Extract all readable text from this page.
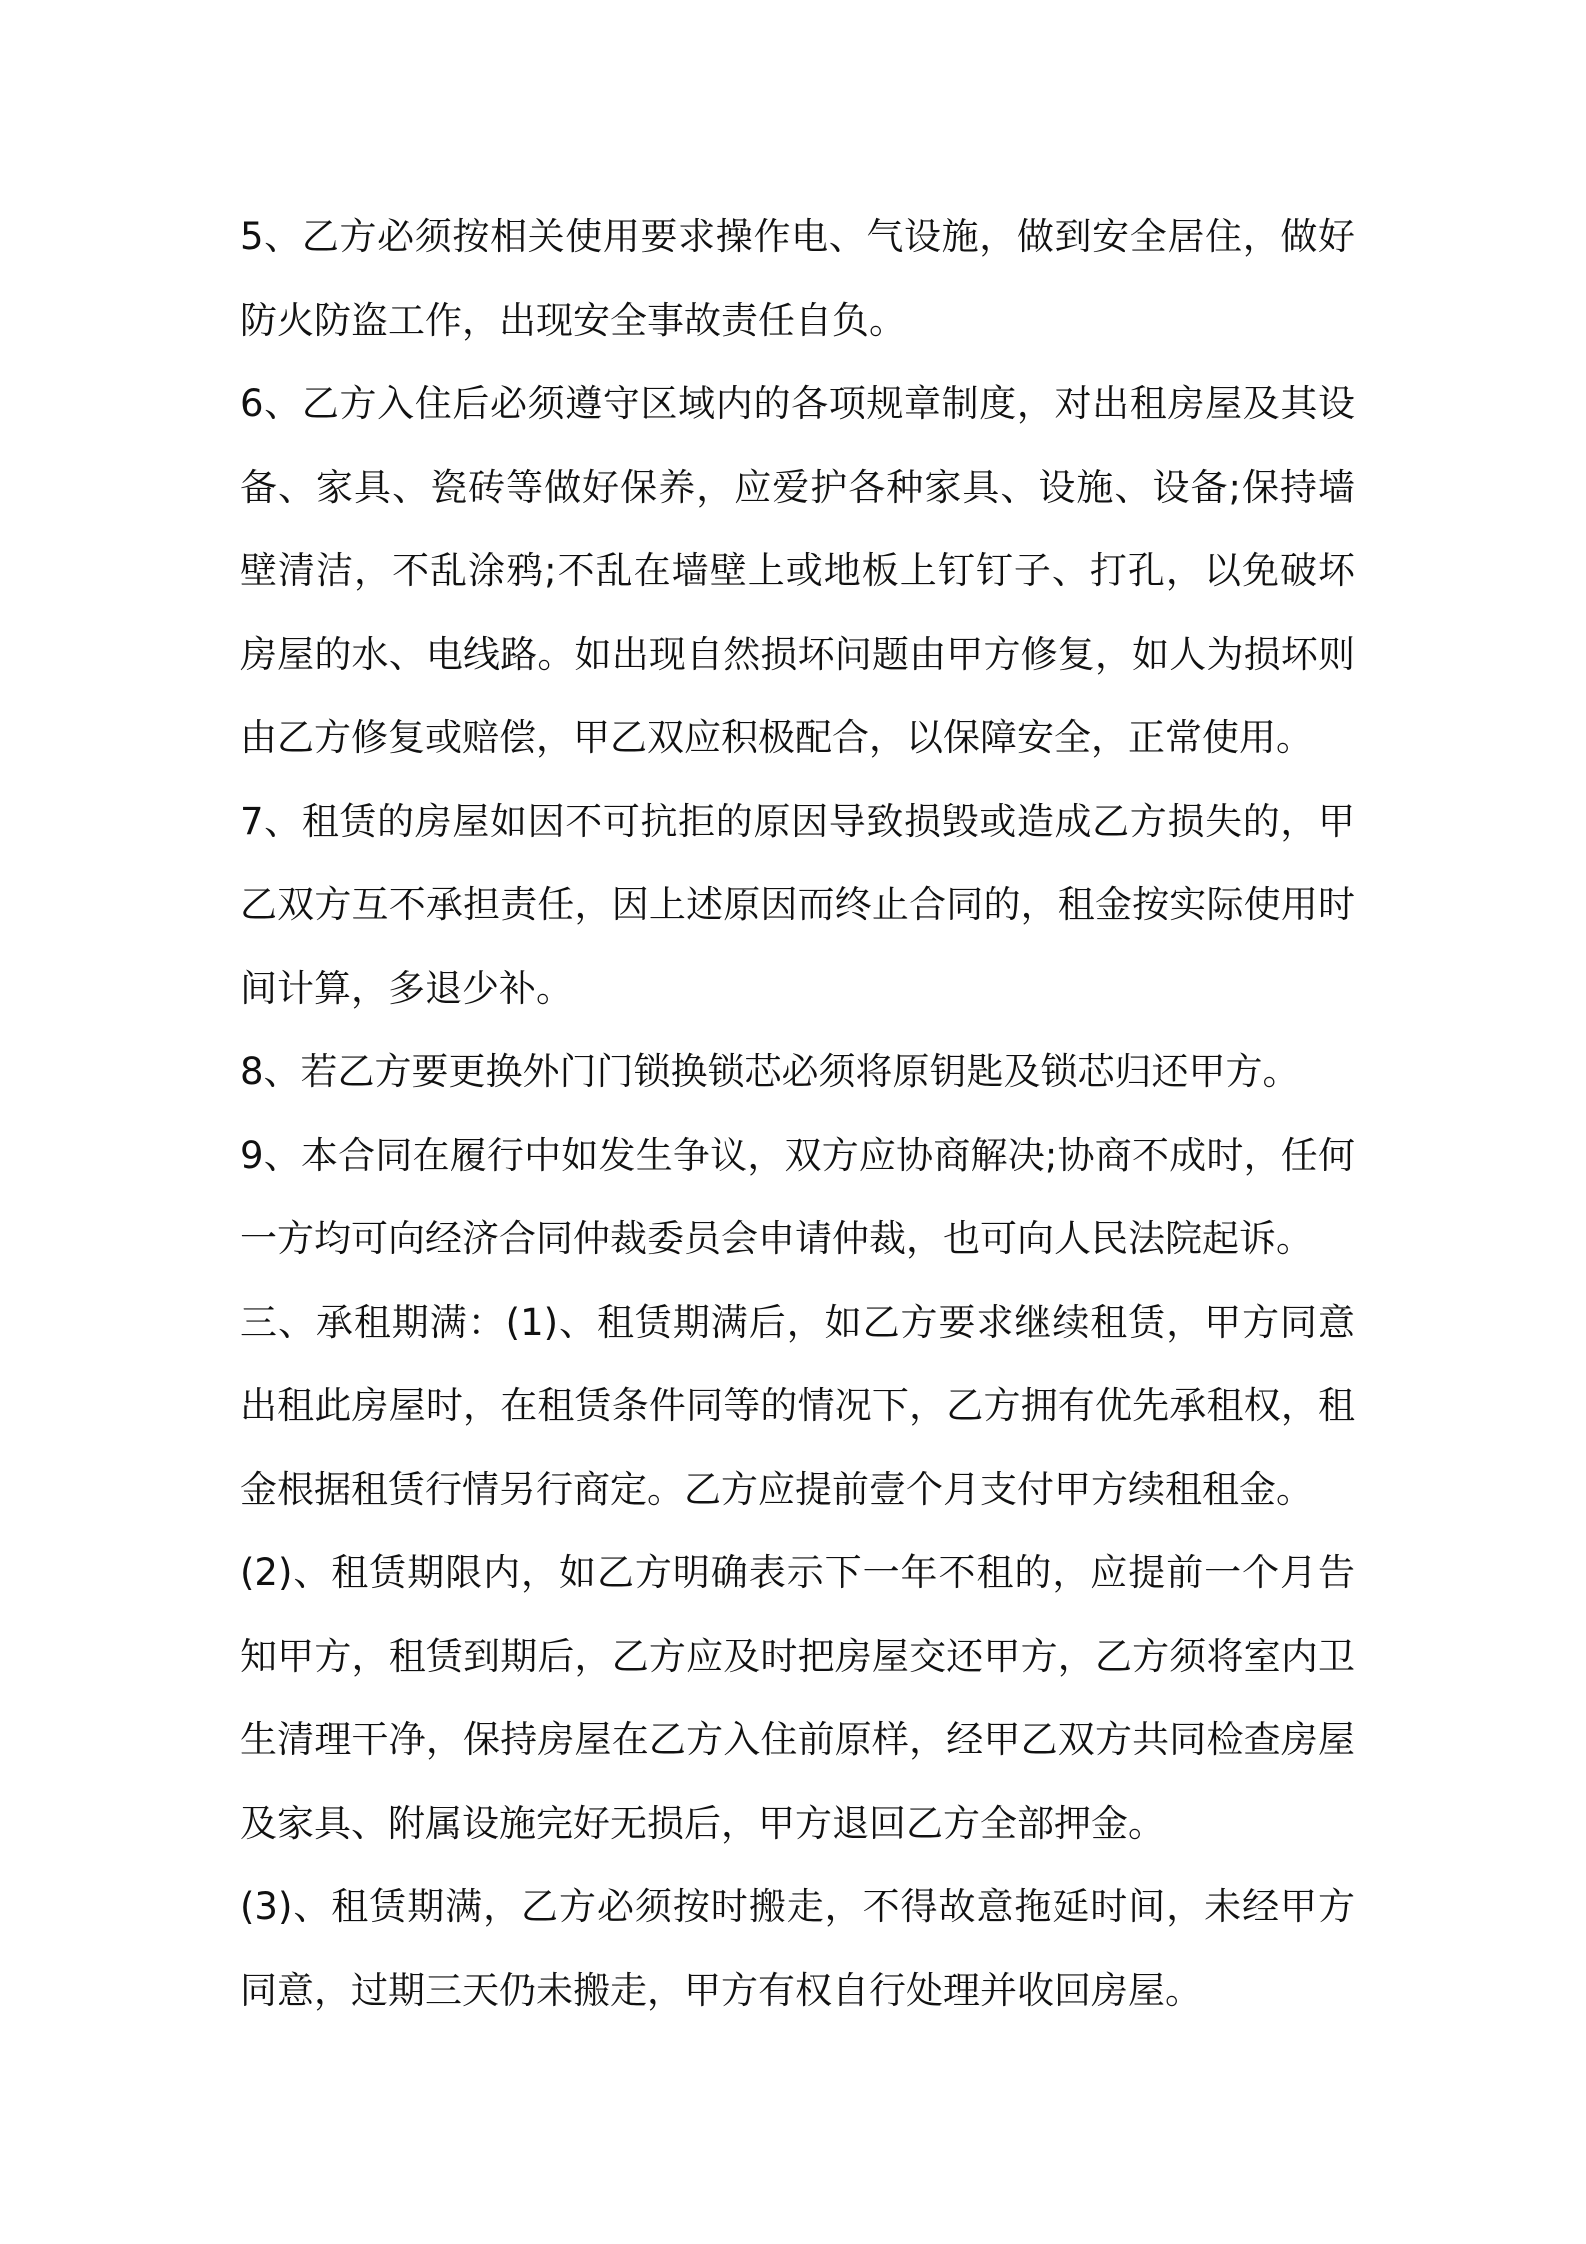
5、乙方必须按相关使用要求操作电、气设施，做到安全居住，做好防火防盗工作，出现安全事故责任自负。

6、乙方入住后必须遵守区域内的各项规章制度，对出租房屋及其设备、家具、瓷砖等做好保养，应爱护各种家具、设施、设备;保持墙壁清洁，不乱涂鸦;不乱在墙壁上或地板上钉钉子、打孔，以免破坏房屋的水、电线路。如出现自然损坏问题由甲方修复，如人为损坏则由乙方修复或赔偿，甲乙双应积极配合，以保障安全，正常使用。

7、租赁的房屋如因不可抗拒的原因导致损毁或造成乙方损失的，甲乙双方互不承担责任，因上述原因而终止合同的，租金按实际使用时间计算，多退少补。

8、若乙方要更换外门门锁换锁芯必须将原钥匙及锁芯归还甲方。

9、本合同在履行中如发生争议，双方应协商解决;协商不成时，任何一方均可向经济合同仲裁委员会申请仲裁，也可向人民法院起诉。

三、承租期满：(1)、租赁期满后，如乙方要求继续租赁，甲方同意出租此房屋时，在租赁条件同等的情况下，乙方拥有优先承租权，租金根据租赁行情另行商定。乙方应提前壹个月支付甲方续租租金。

(2)、租赁期限内，如乙方明确表示下一年不租的，应提前一个月告知甲方，租赁到期后，乙方应及时把房屋交还甲方，乙方须将室内卫生清理干净，保持房屋在乙方入住前原样，经甲乙双方共同检查房屋及家具、附属设施完好无损后，甲方退回乙方全部押金。

(3)、租赁期满，乙方必须按时搬走，不得故意拖延时间，未经甲方同意，过期三天仍未搬走，甲方有权自行处理并收回房屋。
